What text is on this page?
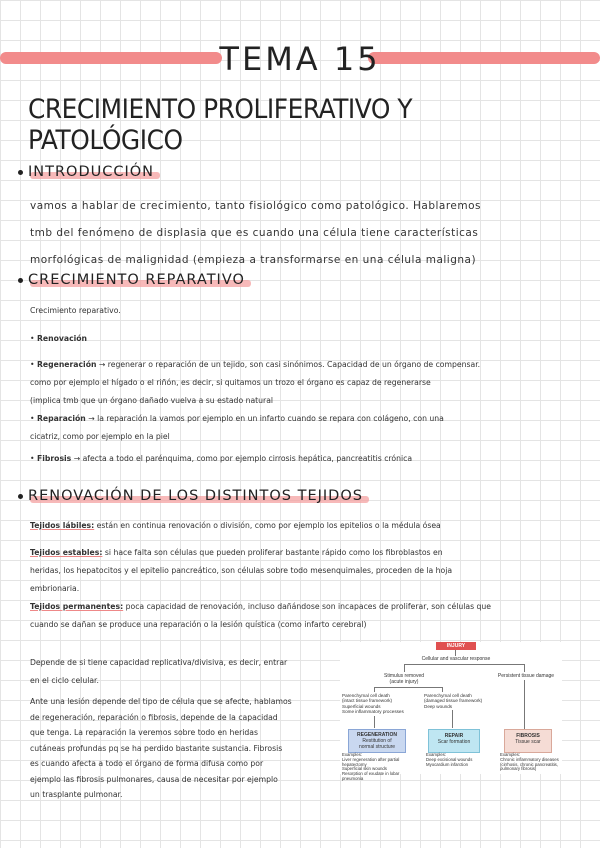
TEMA 15
CRECIMIENTO PROLIFERATIVO Y PATOLÓGICO
INTRODUCCIÓN
vamos a hablar de crecimiento, tanto fisiológico como patológico. Hablaremos
tmb del fenómeno de displasia que es cuando una célula tiene características
morfológicas de malignidad (empieza a transformarse en una célula maligna)
CRECIMIENTO REPARATIVO
Crecimiento reparativo.
• Renovación
• Regeneración → regenerar o reparación de un tejido, son casi sinónimos. Capacidad de un órgano de compensar.
como por ejemplo el hígado o el riñón, es decir, si quitamos un trozo el órgano es capaz de regenerarse
(implica tmb que un órgano dañado vuelva a su estado natural
• Reparación → la reparación la vamos por ejemplo en un infarto cuando se repara con colágeno, con una
cicatriz, como por ejemplo en la piel
• Fibrosis → afecta a todo el parénquima, como por ejemplo cirrosis hepática, pancreatitis crónica
RENOVACIÓN DE LOS DISTINTOS TEJIDOS
Tejidos lábiles: están en continua renovación o división, como por ejemplo los epitelios o la médula ósea
Tejidos estables: si hace falta son células que pueden proliferar bastante rápido como los fibroblastos en
heridas, los hepatocitos y el epitelio pancreático, son células sobre todo mesenquimales, proceden de la hoja
embrionaria.
Tejidos permanentes: poca capacidad de renovación, incluso dañándose son incapaces de proliferar, son células que
cuando se dañan se produce una reparación o la lesión quística (como infarto cerebral)
Depende de si tiene capacidad replicativa/divisiva, es decir, entrar
en el ciclo celular.
Ante una lesión depende del tipo de célula que se afecte, hablamos
de regeneración, reparación o fibrosis, depende de la capacidad
que tenga. La reparación la veremos sobre todo en heridas
cutáneas profundas pq se ha perdido bastante sustancia. Fibrosis
es cuando afecta a todo el órgano de forma difusa como por
ejemplo las fibrosis pulmonares, causa de necesitar por ejemplo
un trasplante pulmonar.
INJURY
Cellular and vascular response
Stimulus removed
(acute injury)
Persistent tissue damage
Parenchymal cell death
(intact tissue framework)
Superficial wounds
Some inflammatory processes
Parenchymal cell death
(damaged tissue framework)
Deep wounds
REGENERATION
Restitution of
normal structure
REPAIR
Scar formation
FIBROSIS
Tissue scar
Examples:
Liver regeneration after partial
hepatectomy
Superficial skin wounds
Resorption of exudate in lobar
pneumonia
Examples:
Deep excisional wounds
Myocardium infarction
Examples:
Chronic inflammatory diseases
(cirrhosis, chronic pancreatitis,
pulmonary fibrosis)
